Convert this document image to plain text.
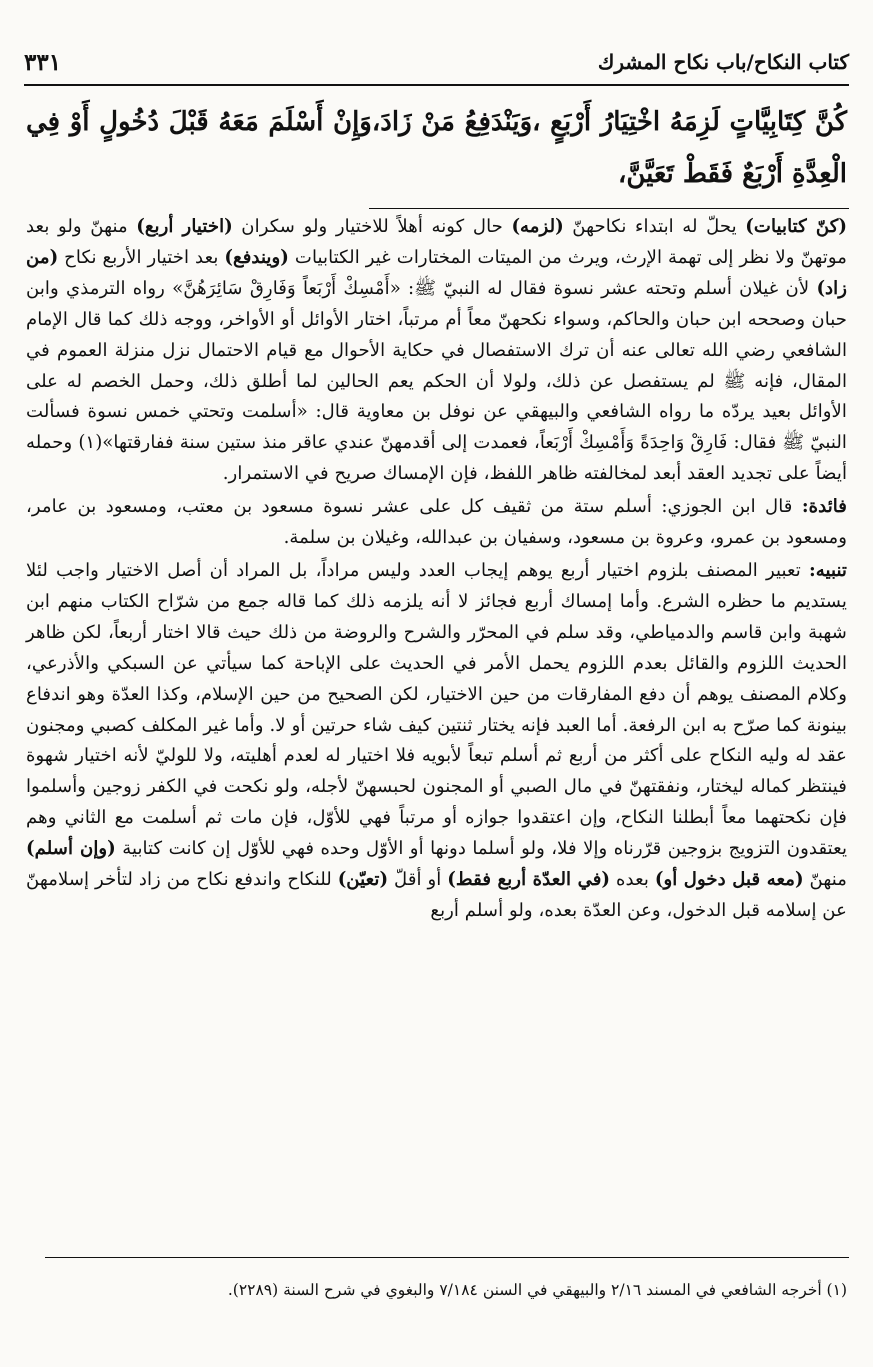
كتاب النكاح/باب نكاح المشرك
٣٣١
كُنَّ كِتَابِيَّاتٍ لَزِمَهُ اخْتِيَارُ أَرْبَعٍ ،وَيَنْدَفِعُ مَنْ زَادَ،وَإِنْ أَسْلَمَ مَعَهُ قَبْلَ دُخُولٍ أَوْ فِي الْعِدَّةِ أَرْبَعٌ فَقَطْ تَعَيَّنَّ،

(كنّ كتابيات) يحلّ له ابتداء نكاحهنّ (لزمه) حال كونه أهلاً للاختيار ولو سكران (اختيار أربع) منهنّ ولو بعد موتهنّ ولا نظر إلى تهمة الإرث، ويرث من الميتات المختارات غير الكتابيات (ويندفع) بعد اختيار الأربع نكاح (من زاد) لأن غيلان أسلم وتحته عشر نسوة فقال له النبيّ ﷺ: «أَمْسِكْ أَرْبَعاً وَفَارِقْ سَائِرَهُنَّ» رواه الترمذي وابن حبان وصححه ابن حبان والحاكم، وسواء نكحهنّ معاً أم مرتباً، اختار الأوائل أو الأواخر، ووجه ذلك كما قال الإمام الشافعي رضي الله تعالى عنه أن ترك الاستفصال في حكاية الأحوال مع قيام الاحتمال نزل منزلة العموم في المقال، فإنه ﷺ لم يستفصل عن ذلك، ولولا أن الحكم يعم الحالين لما أطلق ذلك، وحمل الخصم له على الأوائل بعيد يردّه ما رواه الشافعي والبيهقي عن نوفل بن معاوية قال: «أسلمت وتحتي خمس نسوة فسألت النبيّ ﷺ فقال: فَارِقْ وَاحِدَةً وَأَمْسِكْ أَرْبَعاً، فعمدت إلى أقدمهنّ عندي عاقر منذ ستين سنة ففارقتها»(١) وحمله أيضاً على تجديد العقد أبعد لمخالفته ظاهر اللفظ، فإن الإمساك صريح في الاستمرار.

فائدة: قال ابن الجوزي: أسلم ستة من ثقيف كل على عشر نسوة مسعود بن معتب، ومسعود بن عامر، ومسعود بن عمرو، وعروة بن مسعود، وسفيان بن عبدالله، وغيلان بن سلمة.

تنبيه: تعبير المصنف بلزوم اختيار أربع يوهم إيجاب العدد وليس مراداً، بل المراد أن أصل الاختيار واجب لئلا يستديم ما حظره الشرع. وأما إمساك أربع فجائز لا أنه يلزمه ذلك كما قاله جمع من شرّاح الكتاب منهم ابن شهبة وابن قاسم والدمياطي، وقد سلم في المحرّر والشرح والروضة من ذلك حيث قالا اختار أربعاً، لكن ظاهر الحديث اللزوم والقائل بعدم اللزوم يحمل الأمر في الحديث على الإباحة كما سيأتي عن السبكي والأذرعي، وكلام المصنف يوهم أن دفع المفارقات من حين الاختيار، لكن الصحيح من حين الإسلام، وكذا العدّة وهو اندفاع بينونة كما صرّح به ابن الرفعة. أما العبد فإنه يختار ثنتين كيف شاء حرتين أو لا. وأما غير المكلف كصبي ومجنون عقد له وليه النكاح على أكثر من أربع ثم أسلم تبعاً لأبويه فلا اختيار له لعدم أهليته، ولا للوليّ لأنه اختيار شهوة فينتظر كماله ليختار، ونفقتهنّ في مال الصبي أو المجنون لحبسهنّ لأجله، ولو نكحت في الكفر زوجين وأسلموا فإن نكحتهما معاً أبطلنا النكاح، وإن اعتقدوا جوازه أو مرتباً فهي للأوّل، فإن مات ثم أسلمت مع الثاني وهم يعتقدون التزويج بزوجين قرّرناه وإلا فلا، ولو أسلما دونها أو الأوّل وحده فهي للأوّل إن كانت كتابية (وإن أسلم) منهنّ (معه قبل دخول أو) بعده (في العدّة أربع فقط) أو أقلّ (تعيّن) للنكاح واندفع نكاح من زاد لتأخر إسلامهنّ عن إسلامه قبل الدخول، وعن العدّة بعده، ولو أسلم أربع

(١) أخرجه الشافعي في المسند ٢/١٦ والبيهقي في السنن ٧/١٨٤ والبغوي في شرح السنة (٢٢٨٩).
